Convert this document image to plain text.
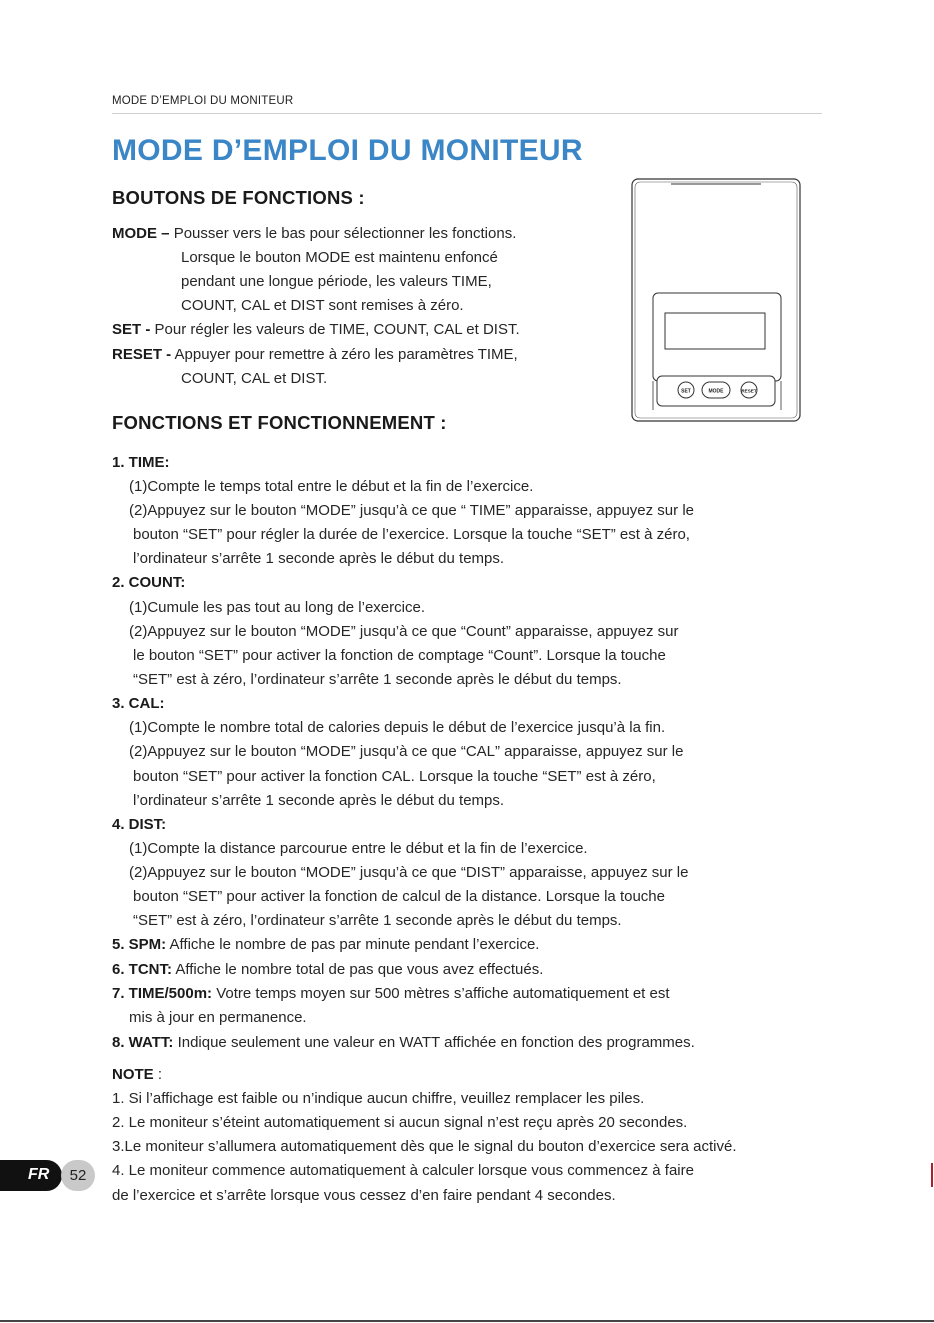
MODE D’EMPLOI DU MONITEUR
MODE D’EMPLOI DU MONITEUR
BOUTONS DE FONCTIONS :
MODE – Pousser vers le bas pour sélectionner les fonctions.
Lorsque le bouton MODE est maintenu enfoncé
pendant une longue période, les valeurs TIME,
COUNT, CAL et DIST sont remises à zéro.
SET - Pour régler les valeurs de TIME, COUNT, CAL et DIST.
RESET - Appuyer pour remettre à zéro les paramètres TIME,
COUNT, CAL et DIST.
SET	MODE	RESET
FONCTIONS ET FONCTIONNEMENT :
1. TIME:
(1)Compte le temps total entre le début et la fin de l’exercice.
(2)Appuyez sur le bouton “MODE” jusqu’à ce que “ TIME” apparaisse, appuyez sur le
bouton “SET” pour régler la durée de l’exercice. Lorsque la touche “SET” est à zéro,
l’ordinateur s’arrête 1 seconde après le début du temps.
2. COUNT:
(1)Cumule les pas tout au long de l’exercice.
(2)Appuyez sur le bouton “MODE” jusqu’à ce que “Count” apparaisse, appuyez sur
le bouton “SET” pour activer la fonction de comptage “Count”. Lorsque la touche
“SET” est à zéro, l’ordinateur s’arrête 1 seconde après le début du temps.
3. CAL:
(1)Compte le nombre total de calories depuis le début de l’exercice jusqu’à la fin.
(2)Appuyez sur le bouton “MODE” jusqu’à ce que “CAL” apparaisse, appuyez sur le
bouton “SET” pour activer la fonction CAL. Lorsque la touche “SET” est à zéro,
l’ordinateur s’arrête 1 seconde après le début du temps.
4. DIST:
(1)Compte la distance parcourue entre le début et la fin de l’exercice.
(2)Appuyez sur le bouton “MODE” jusqu’à ce que “DIST” apparaisse, appuyez sur le
bouton “SET” pour activer la fonction de calcul de la distance. Lorsque la touche
“SET” est à zéro, l’ordinateur s’arrête 1 seconde après le début du temps.
5. SPM: Affiche le nombre de pas par minute pendant l’exercice.
6. TCNT: Affiche le nombre total de pas que vous avez effectués.
7. TIME/500m: Votre temps moyen sur 500 mètres s’affiche automatiquement et est
mis à jour en permanence.
8. WATT: Indique seulement une valeur en WATT affichée en fonction des programmes.
NOTE :
1. Si l’affichage est faible ou n’indique aucun chiffre, veuillez remplacer les piles.
2. Le moniteur s’éteint automatiquement si aucun signal n’est reçu après 20 secondes.
3.Le moniteur s’allumera automatiquement dès que le signal du bouton d’exercice sera activé.
4. Le moniteur commence automatiquement à calculer lorsque vous commencez à faire
de l’exercice et s’arrête lorsque vous cessez d’en faire pendant 4 secondes.
FR	52
